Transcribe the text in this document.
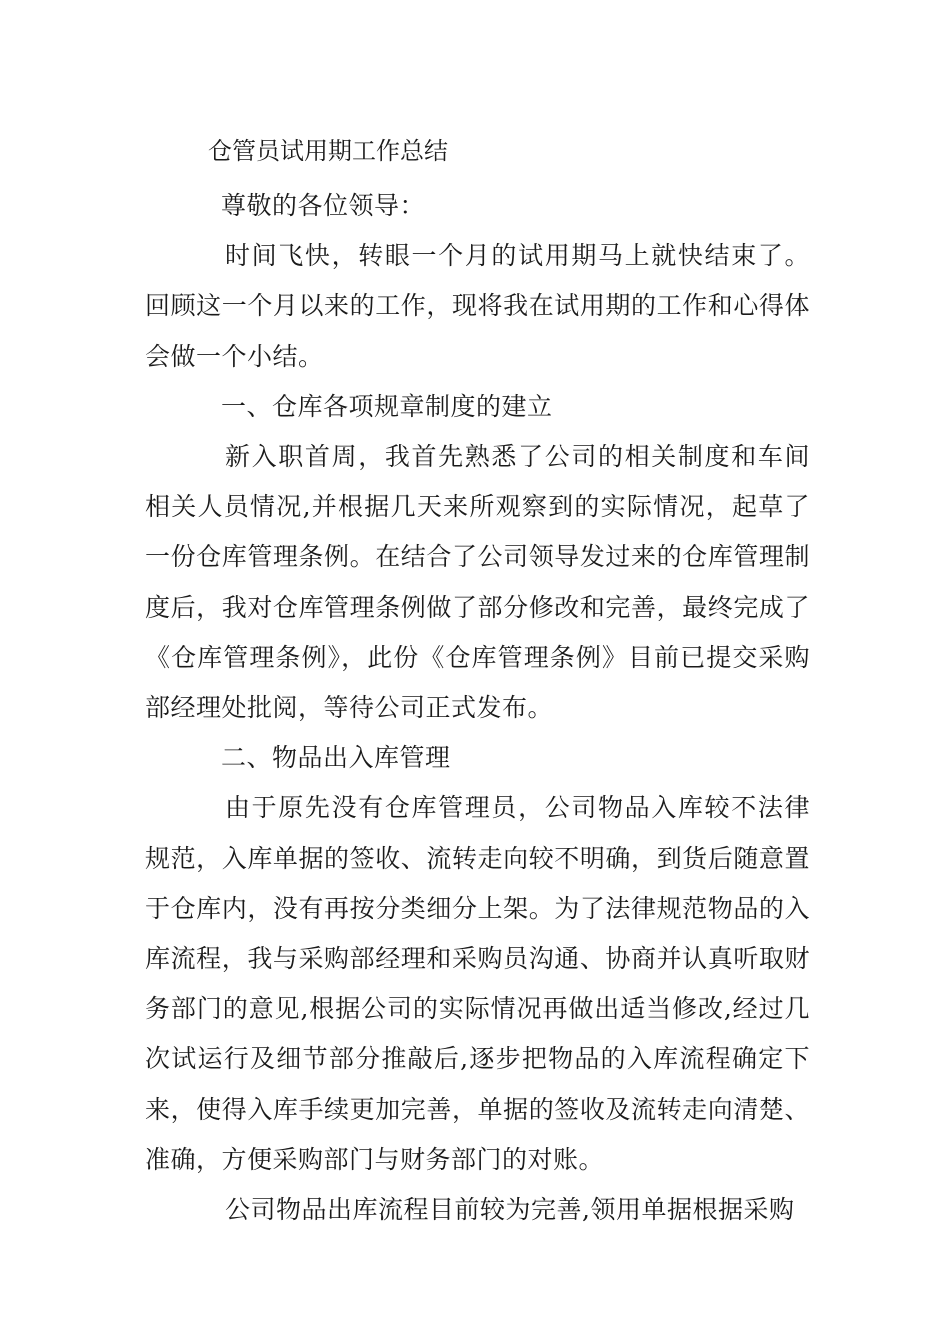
仓管员试用期工作总结

尊敬的各位领导：

时间飞快，转眼一个月的试用期马上就快结束了。回顾这一个月以来的工作，现将我在试用期的工作和心得体会做一个小结。

一、仓库各项规章制度的建立

新入职首周，我首先熟悉了公司的相关制度和车间相关人员情况,并根据几天来所观察到的实际情况，起草了一份仓库管理条例。在结合了公司领导发过来的仓库管理制度后，我对仓库管理条例做了部分修改和完善，最终完成了《仓库管理条例》，此份《仓库管理条例》目前已提交采购部经理处批阅，等待公司正式发布。

二、物品出入库管理

由于原先没有仓库管理员，公司物品入库较不法律规范，入库单据的签收、流转走向较不明确，到货后随意置于仓库内，没有再按分类细分上架。为了法律规范物品的入库流程，我与采购部经理和采购员沟通、协商并认真听取财务部门的意见,根据公司的实际情况再做出适当修改,经过几次试运行及细节部分推敲后,逐步把物品的入库流程确定下来，使得入库手续更加完善，单据的签收及流转走向清楚、准确，方便采购部门与财务部门的对账。

公司物品出库流程目前较为完善,领用单据根据采购
